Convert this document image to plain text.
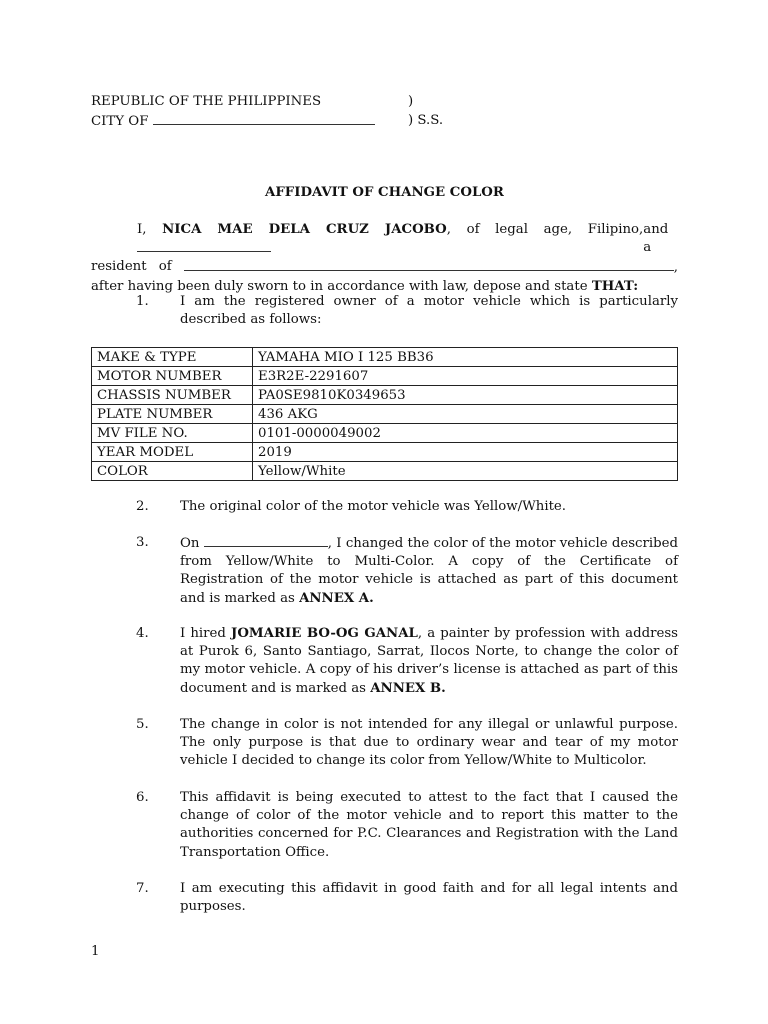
REPUBLIC OF THE PHILIPPINES	)
CITY OF	) S.S.
AFFIDAVIT OF CHANGE COLOR
I, NICA MAE DELA CRUZ JACOBO, of legal age, Filipino, and a
resident of	,
after having been duly sworn to in accordance with law, depose and state THAT:
1.	I am the registered owner of a motor vehicle which is particularly described as follows:
MAKE & TYPE	YAMAHA MIO I 125 BB36
MOTOR NUMBER	E3R2E-2291607
CHASSIS NUMBER	PA0SE9810K0349653
PLATE NUMBER	436 AKG
MV FILE NO.	0101-0000049002
YEAR MODEL	2019
COLOR	Yellow/White
2.	The original color of the motor vehicle was Yellow/White.
3.	On	, I changed the color of the motor vehicle described from Yellow/White to Multi-Color. A copy of the Certificate of Registration of the motor vehicle is attached as part of this document and is marked as ANNEX A.
4.	I hired JOMARIE BO-OG GANAL, a painter by profession with address at Purok 6, Santo Santiago, Sarrat, Ilocos Norte, to change the color of my motor vehicle. A copy of his driver’s license is attached as part of this document and is marked as ANNEX B.
5.	The change in color is not intended for any illegal or unlawful purpose. The only purpose is that due to ordinary wear and tear of my motor vehicle I decided to change its color from Yellow/White to Multicolor.
6.	This affidavit is being executed to attest to the fact that I caused the change of color of the motor vehicle and to report this matter to the authorities concerned for P.C. Clearances and Registration with the Land Transportation Office.
7.	I am executing this affidavit in good faith and for all legal intents and purposes.
1
